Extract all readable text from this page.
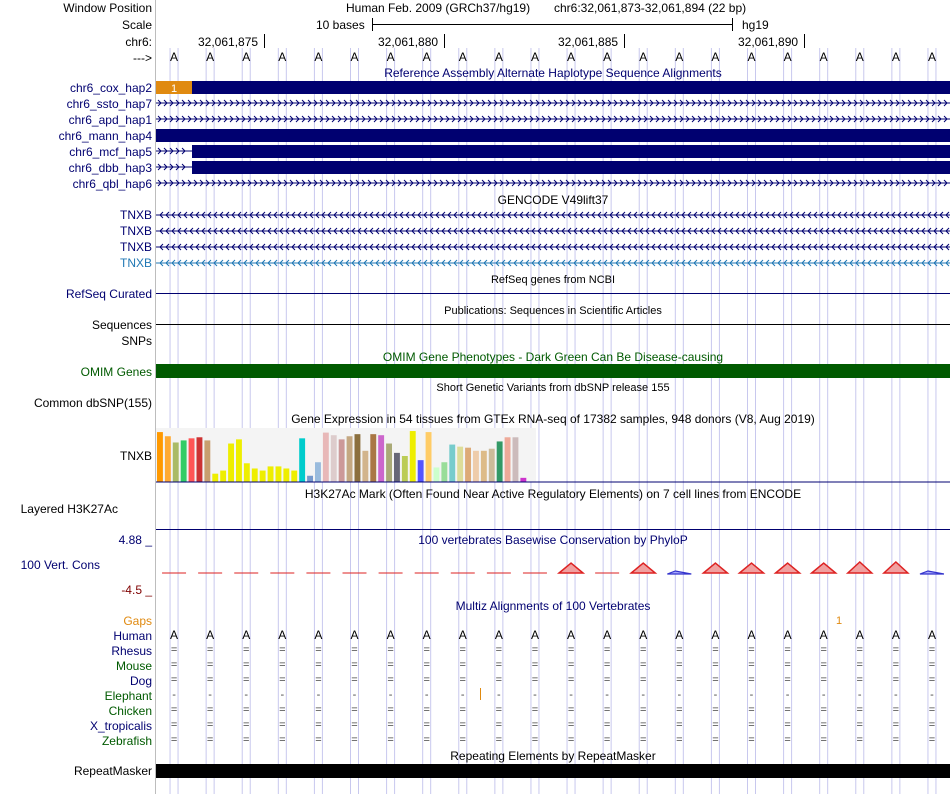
Window Position
Scale
chr6:
--->
chr6_cox_hap2
chr6_ssto_hap7
chr6_apd_hap1
chr6_mann_hap4
chr6_mcf_hap5
chr6_dbb_hap3
chr6_qbl_hap6
TNXB
TNXB
TNXB
TNXB
RefSeq Curated
Sequences
SNPs
OMIM Genes
Common dbSNP(155)
TNXB
Layered H3K27Ac
4.88 _
100 Vert. Cons
-4.5 _
Gaps
Human
Rhesus
Mouse
Dog
Elephant
Chicken
X_tropicalis
Zebrafish
RepeatMasker
Human Feb. 2009 (GRCh37/hg19) chr6:32,061,873-32,061,894 (22 bp)
10 bases	hg19
32,061,875	32,061,880	32,061,885	32,061,890
A A A A A A A A A A A A A A A A A A A A A A
Reference Assembly Alternate Haplotype Sequence Alignments
1
GENCODE V49lift37
RefSeq genes from NCBI
Publications: Sequences in Scientific Articles
OMIM Gene Phenotypes - Dark Green Can Be Disease-causing
Short Genetic Variants from dbSNP release 155
Gene Expression in 54 tissues from GTEx RNA-seq of 17382 samples, 948 donors (V8, Aug 2019)
H3K27Ac Mark (Often Found Near Active Regulatory Elements) on 7 cell lines from ENCODE
100 vertebrates Basewise Conservation by PhyloP
Multiz Alignments of 100 Vertebrates
1
A A A A A A A A A A A A A A A A A A A A A A
=	=	=	=	=	=	=	=	=	=	=	=	=	=	=	=	=	=	=	=	=	=
=	=	=	=	=	=	=	=	=	=	=	=	=	=	=	=	=	=	=	=	=	=
=	=	=	=	=	=	=	=	=	=	=	=	=	=	=	=	=	=	=	=	=	=
-	-	-	-	-	-	-	-	-	-	-	-	-	-	-	-	-	-	-	-	-	-
=	=	=	=	=	=	=	=	=	=	=	=	=	=	=	=	=	=	=	=	=	=
=	=	=	=	=	=	=	=	=	=	=	=	=	=	=	=	=	=	=	=	=	=
=	=	=	=	=	=	=	=	=	=	=	=	=	=	=	=	=	=	=	=	=	=
Repeating Elements by RepeatMasker
